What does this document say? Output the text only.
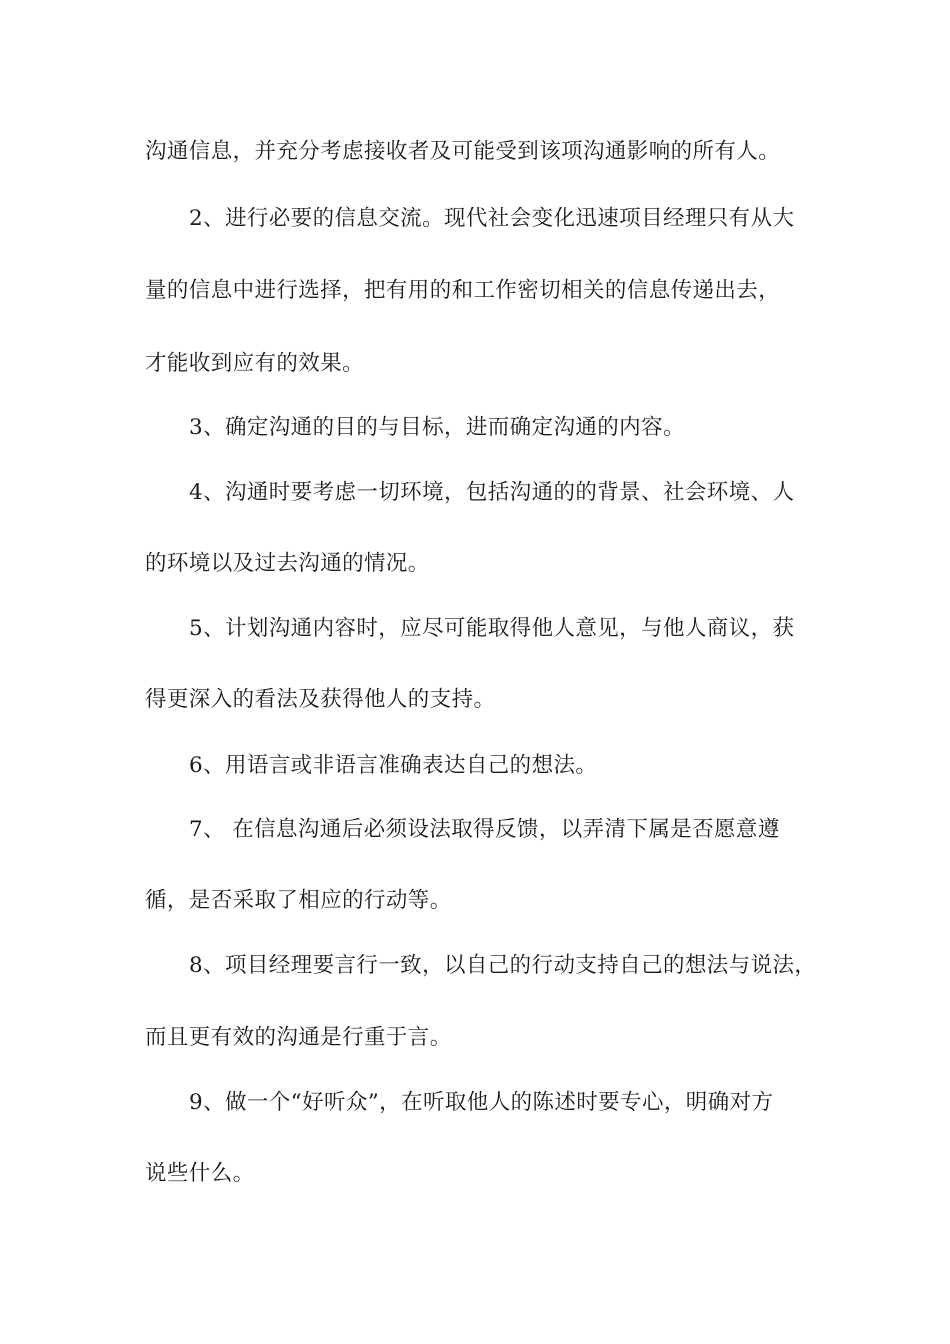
沟通信息，并充分考虑接收者及可能受到该项沟通影响的所有人。
2、进行必要的信息交流。现代社会变化迅速项目经理只有从大
量的信息中进行选择，把有用的和工作密切相关的信息传递出去，
才能收到应有的效果。
3、确定沟通的目的与目标，进而确定沟通的内容。
4、沟通时要考虑一切环境，包括沟通的的背景、社会环境、人
的环境以及过去沟通的情况。
5、计划沟通内容时，应尽可能取得他人意见，与他人商议，获
得更深入的看法及获得他人的支持。
6、用语言或非语言准确表达自己的想法。
7、 在信息沟通后必须设法取得反馈，以弄清下属是否愿意遵
循，是否采取了相应的行动等。
8、项目经理要言行一致，以自己的行动支持自己的想法与说法，
而且更有效的沟通是行重于言。
9、做一个“好听众”，在听取他人的陈述时要专心，明确对方
说些什么。
